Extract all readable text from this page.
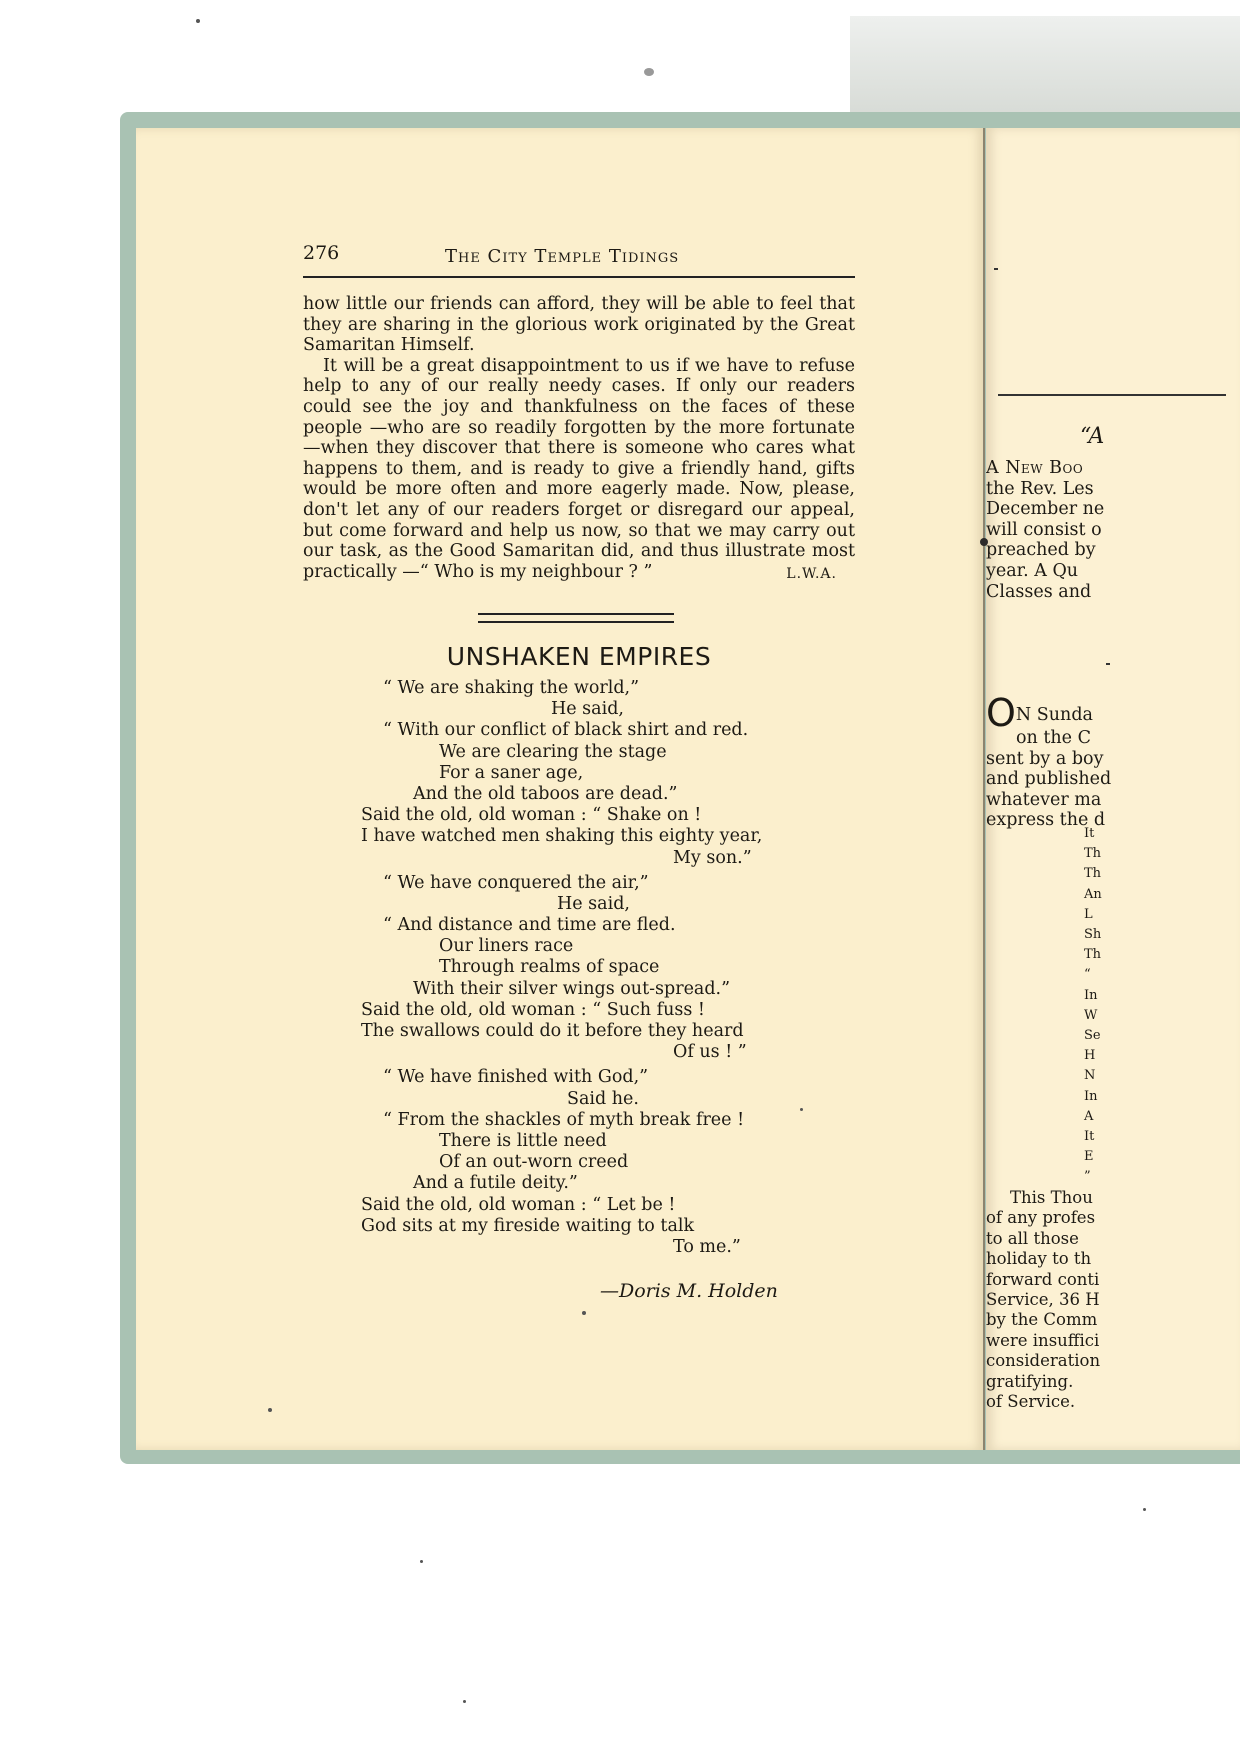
276	The City Temple Tidings

how little our friends can afford, they will be able to feel that they are sharing in the glorious work originated by the Great Samaritan Himself.

It will be a great disappointment to us if we have to refuse help to any of our really needy cases. If only our readers could see the joy and thankfulness on the faces of these people —who are so readily forgotten by the more fortunate—when they discover that there is someone who cares what happens to them, and is ready to give a friendly hand, gifts would be more often and more eagerly made. Now, please, don't let any of our readers forget or disregard our appeal, but come forward and help us now, so that we may carry out our task, as the Good Samaritan did, and thus illustrate most practically —“ Who is my neighbour ? ”	L.W.A.

UNSHAKEN EMPIRES
“ We are shaking the world,”
He said,
“ With our conflict of black shirt and red.
We are clearing the stage
For a saner age,
And the old taboos are dead.”
Said the old, old woman : “ Shake on !
I have watched men shaking this eighty year,
My son.”
“ We have conquered the air,”
He said,
“ And distance and time are fled.
Our liners race
Through realms of space
With their silver wings out-spread.”
Said the old, old woman : “ Such fuss !
The swallows could do it before they heard
Of us ! ”
“ We have finished with God,”
Said he.
“ From the shackles of myth break free !
There is little need
Of an out-worn creed
And a futile deity.”
Said the old, old woman : “ Let be !
God sits at my fireside waiting to talk
To me.”
—Doris M. Holden
“A
A New Boo
the Rev. Les
December ne
will consist o
preached by
year. A Qu
Classes and
ON Sunda
on the C
sent by a boy
and published
whatever ma
express the d
It
Th
Th
An
L
Sh
Th
“
In
W
Se
H
N
In
A
It
E
”
This Thou
of any profes
to all those
holiday to th
forward conti
Service, 36 H
by the Comm
were insuffici
consideration
gratifying.
of Service.
